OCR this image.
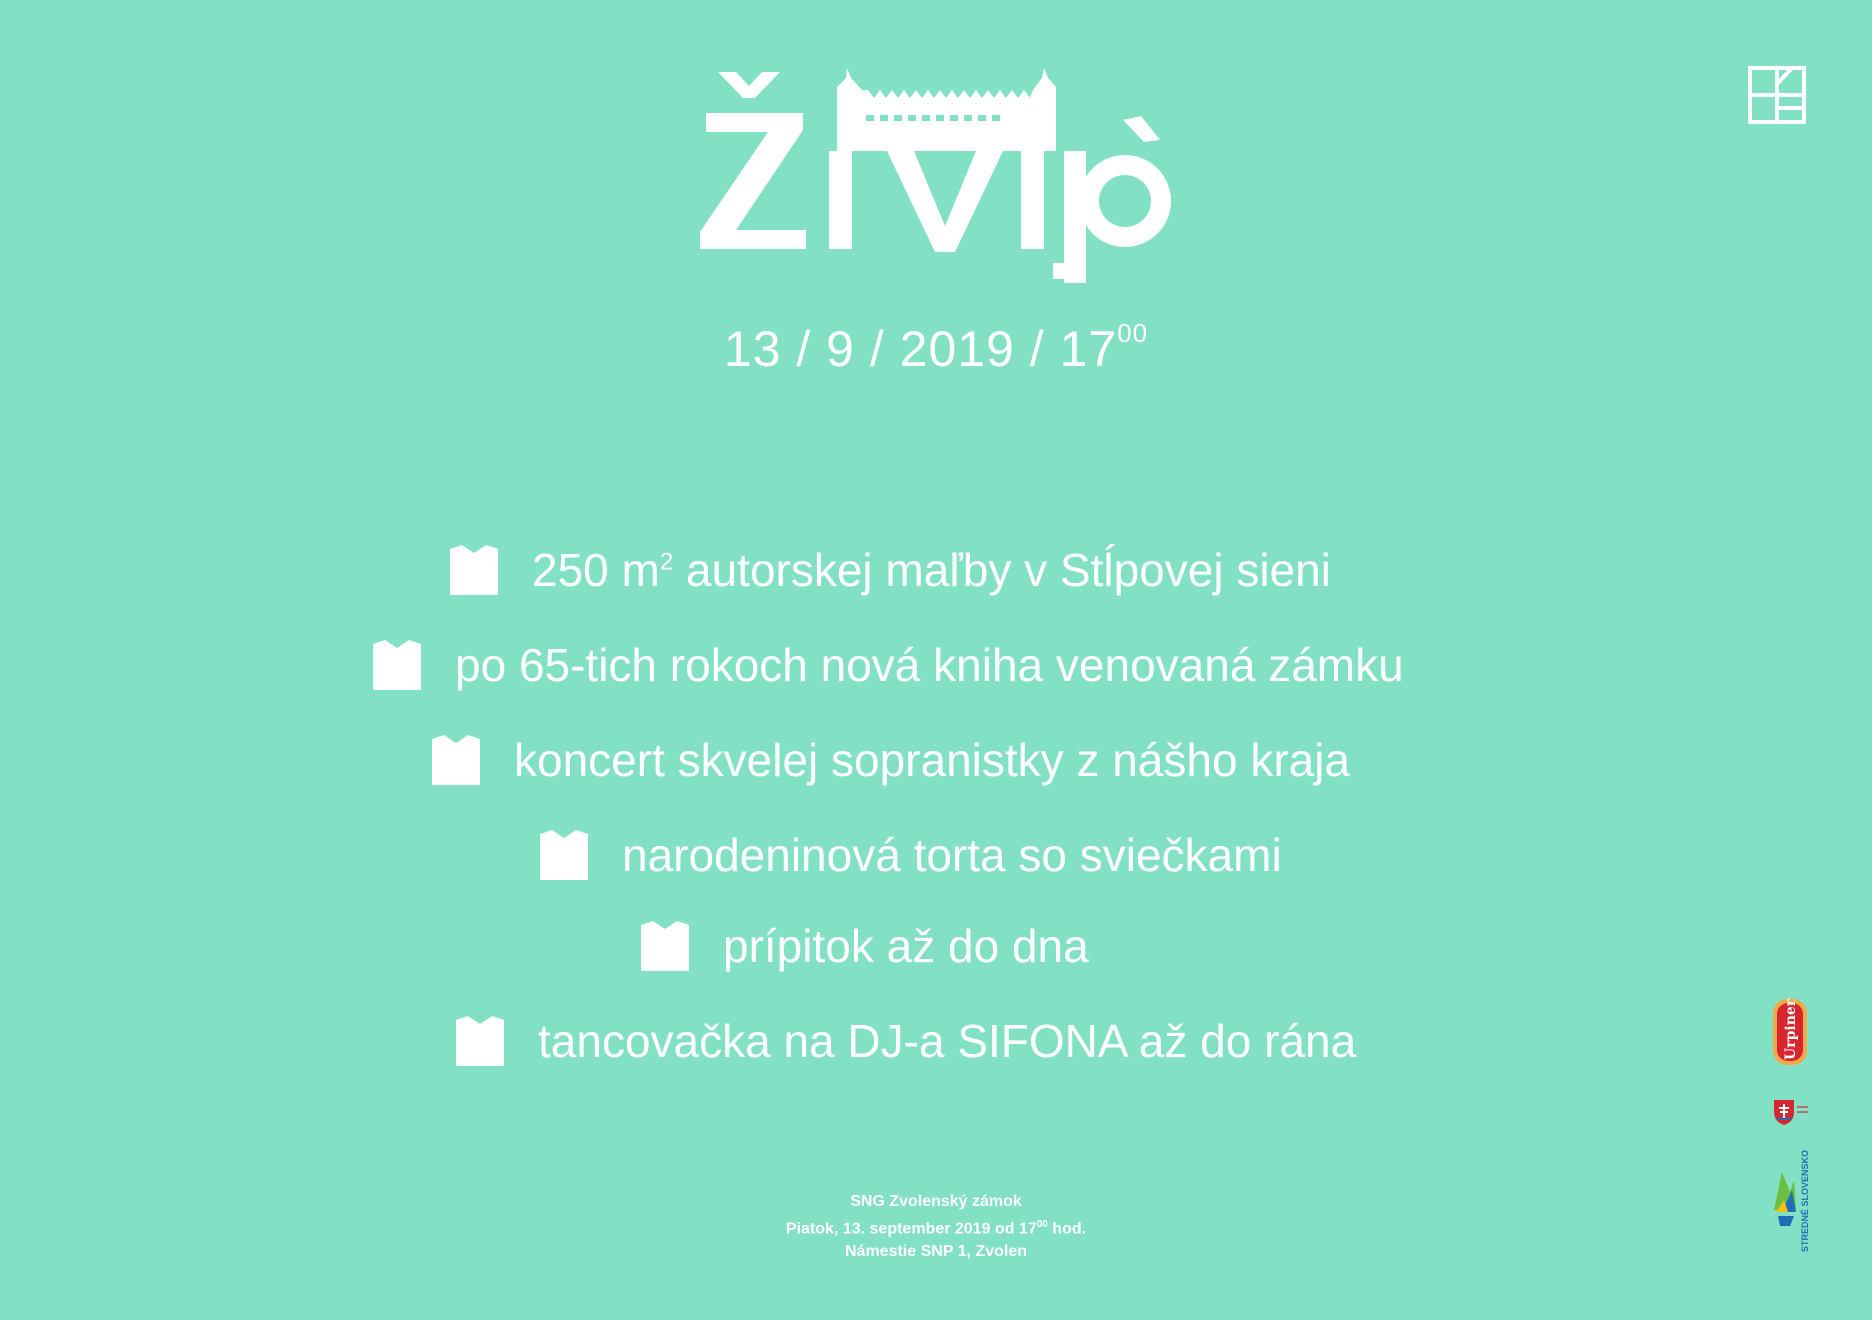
$13 / 9 / 2019 / 17^{00}$
250 $m^2$ autorskej maľby v Stĺpovej sieni
po 65-tich rokoch nová kniha venovaná zámku
koncert skvelej sopranistky z nášho kraja
narodeninová torta so sviečkami
prípitok až do dna
tancovačka na DJ-a SIFONA až do rána
SNG Zvolenský zámok
Piatok, 13. september 2019 od $17^{00}$ hod.
Námestie SNP 1, Zvolen
Urpiner
STREDNÉ SLOVENSKO
